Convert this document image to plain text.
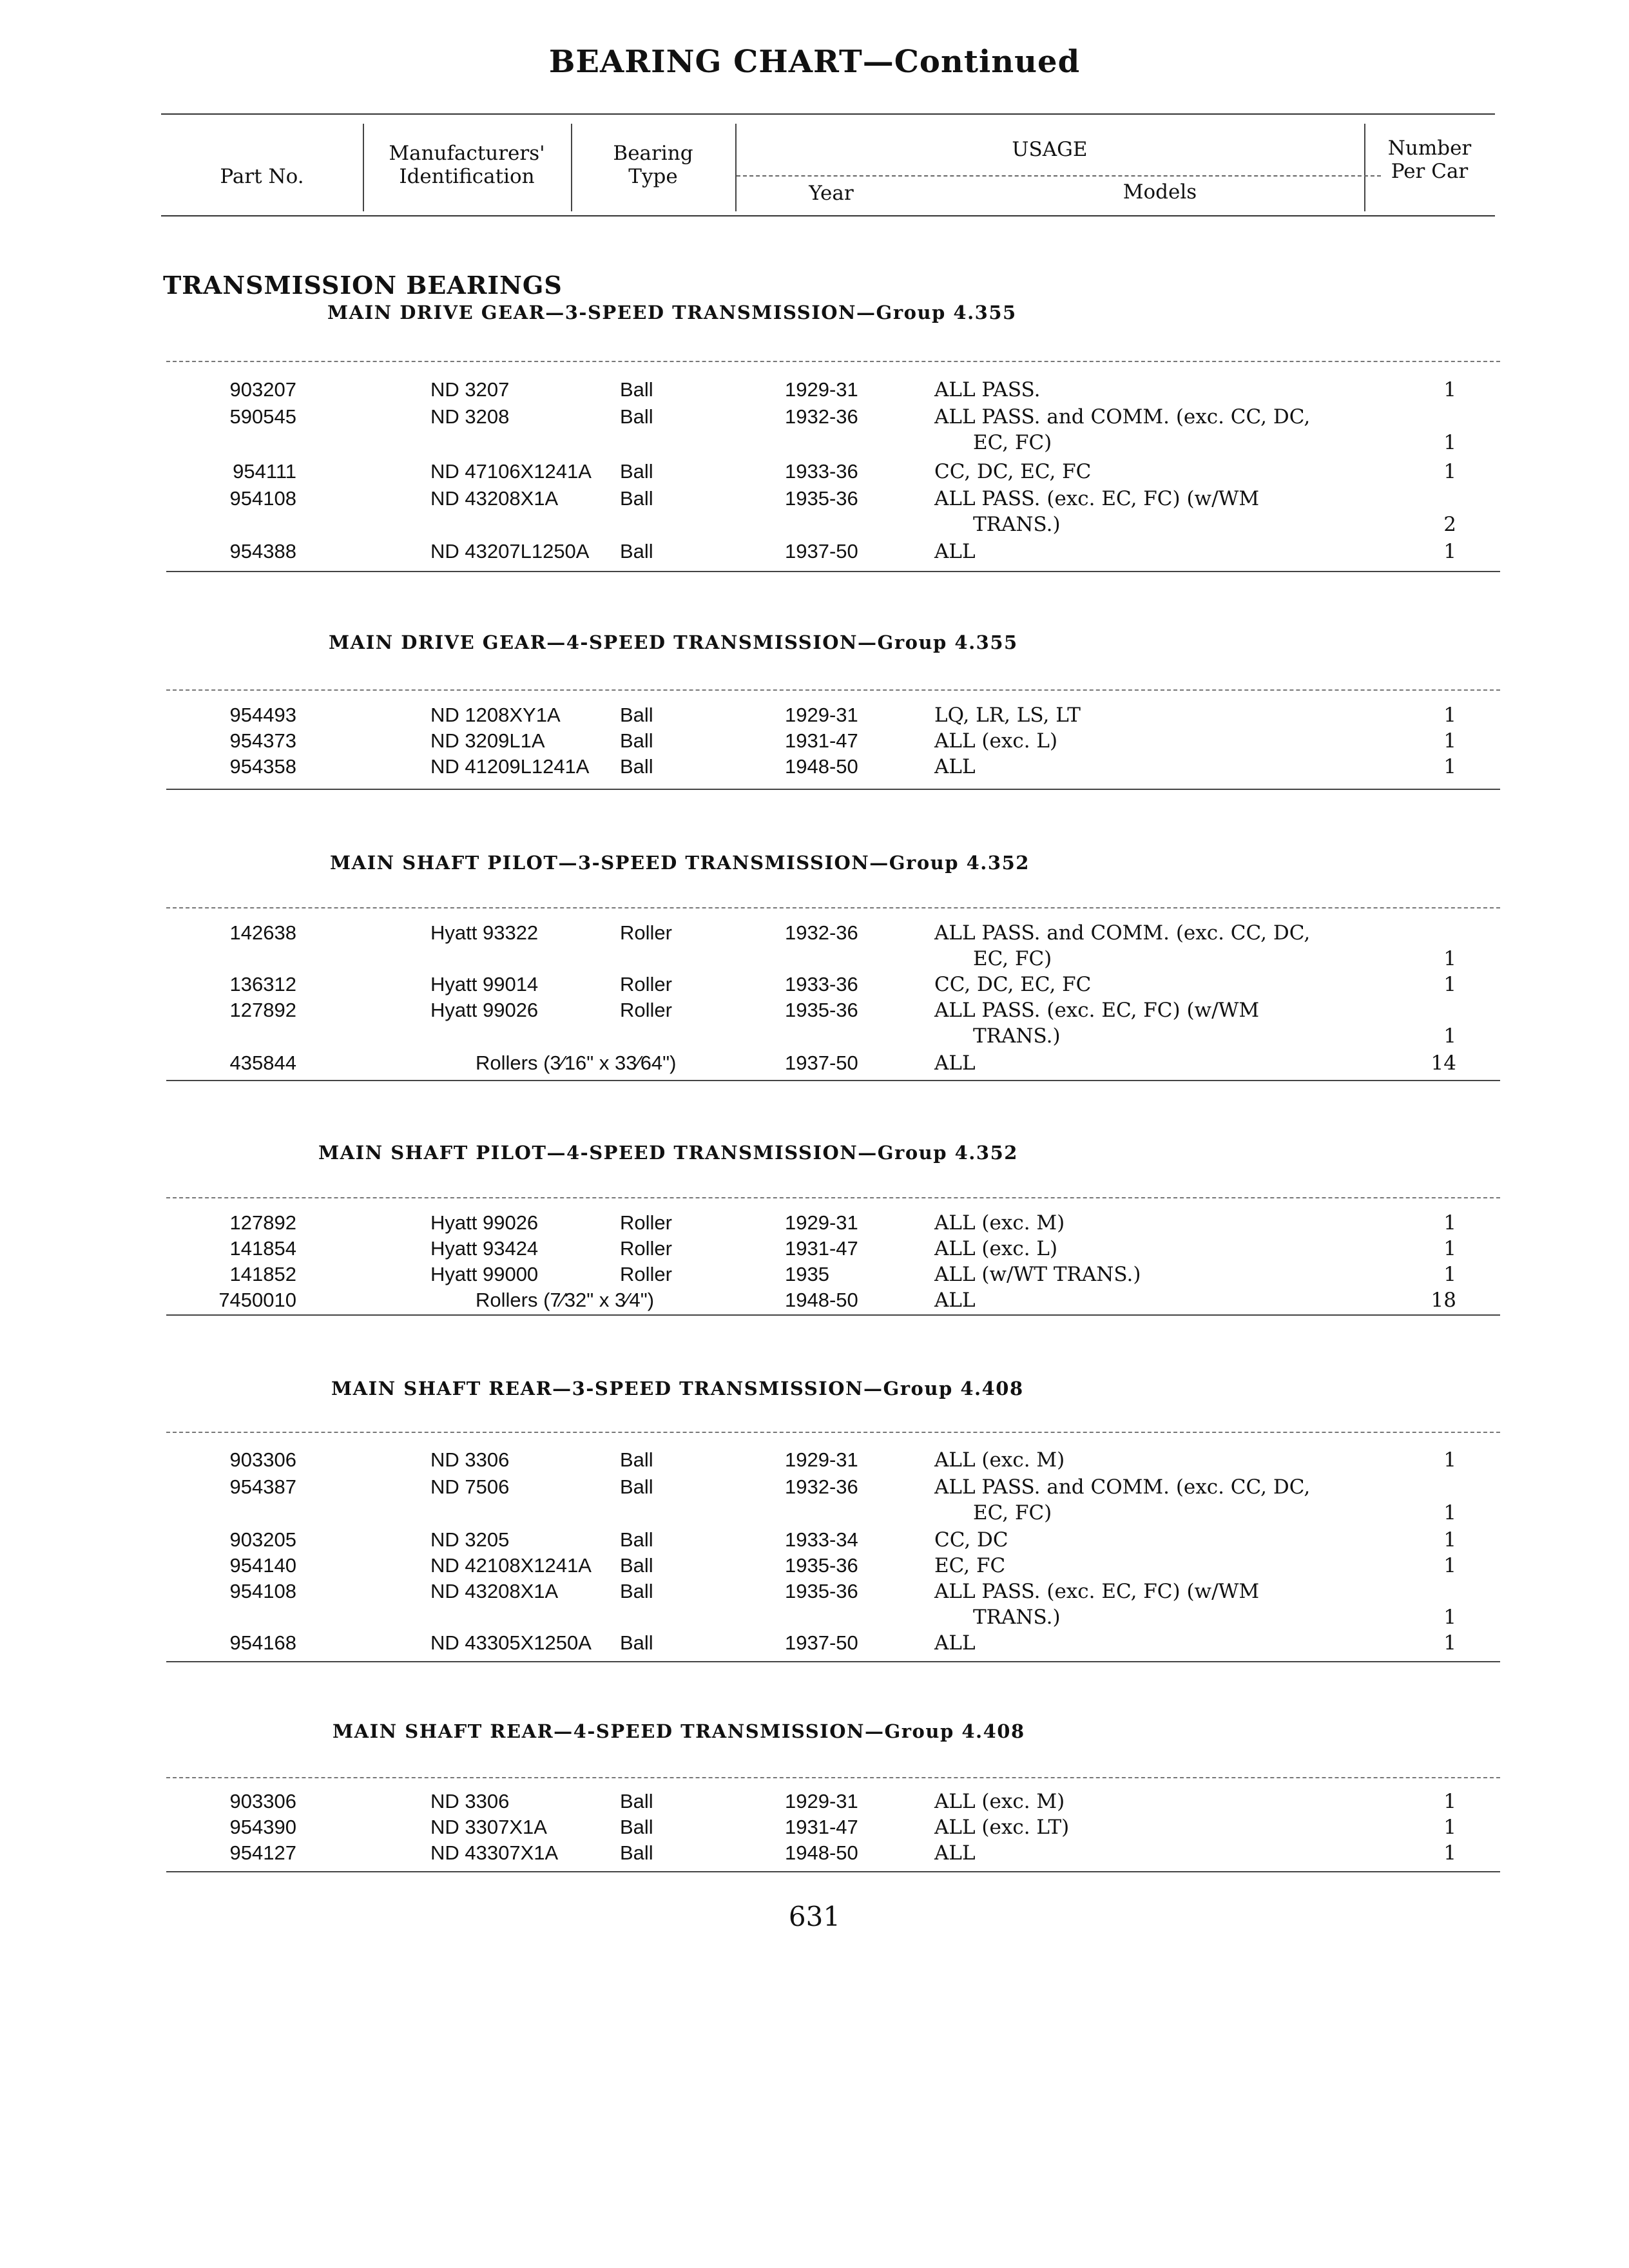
BEARING CHART—Continued
Part No.
Manufacturers'
Identification
Bearing
Type
USAGE
Year	Models
Number
Per Car
TRANSMISSION BEARINGS
MAIN DRIVE GEAR—3-SPEED TRANSMISSION—Group 4.355
903207	ND 3207	Ball	1929-31	ALL PASS.	1
590545	ND 3208	Ball	1932-36	ALL PASS. and COMM. (exc. CC, DC,
EC, FC)	1
954111	ND 47106X1241A Ball	1933-36	CC, DC, EC, FC	1
954108	ND 43208X1A	Ball	1935-36	ALL PASS. (exc. EC, FC) (w/WM
TRANS.)	2
954388	ND 43207L1250A Ball	1937-50	ALL	1
MAIN DRIVE GEAR—4-SPEED TRANSMISSION—Group 4.355
954493	ND 1208XY1A	Ball	1929-31	LQ, LR, LS, LT	1
954373	ND 3209L1A	Ball	1931-47	ALL (exc. L)	1
954358	ND 41209L1241A Ball	1948-50	ALL	1
MAIN SHAFT PILOT—3-SPEED TRANSMISSION—Group 4.352
142638	Hyatt 93322	Roller	1932-36	ALL PASS. and COMM. (exc. CC, DC,
EC, FC)	1
136312	Hyatt 99014	Roller	1933-36	CC, DC, EC, FC	1
127892	Hyatt 99026	Roller	1935-36	ALL PASS. (exc. EC, FC) (w/WM
TRANS.)	1
435844	Rollers (3⁄16" x 33⁄64")	1937-50	ALL	14
MAIN SHAFT PILOT—4-SPEED TRANSMISSION—Group 4.352
127892	Hyatt 99026	Roller	1929-31	ALL (exc. M)	1
141854	Hyatt 93424	Roller	1931-47	ALL (exc. L)	1
141852	Hyatt 99000	Roller	1935	ALL (w/WT TRANS.)	1
7450010	Rollers (7⁄32" x 3⁄4")	1948-50	ALL	18
MAIN SHAFT REAR—3-SPEED TRANSMISSION—Group 4.408
903306	ND 3306	Ball	1929-31	ALL (exc. M)	1
954387	ND 7506	Ball	1932-36	ALL PASS. and COMM. (exc. CC, DC,
EC, FC)	1
903205	ND 3205	Ball	1933-34	CC, DC	1
954140	ND 42108X1241A Ball	1935-36	EC, FC	1
954108	ND 43208X1A	Ball	1935-36	ALL PASS. (exc. EC, FC) (w/WM
TRANS.)	1
954168	ND 43305X1250A Ball	1937-50	ALL	1
MAIN SHAFT REAR—4-SPEED TRANSMISSION—Group 4.408
903306	ND 3306	Ball	1929-31	ALL (exc. M)	1
954390	ND 3307X1A	Ball	1931-47	ALL (exc. LT)	1
954127	ND 43307X1A	Ball	1948-50	ALL	1
631
